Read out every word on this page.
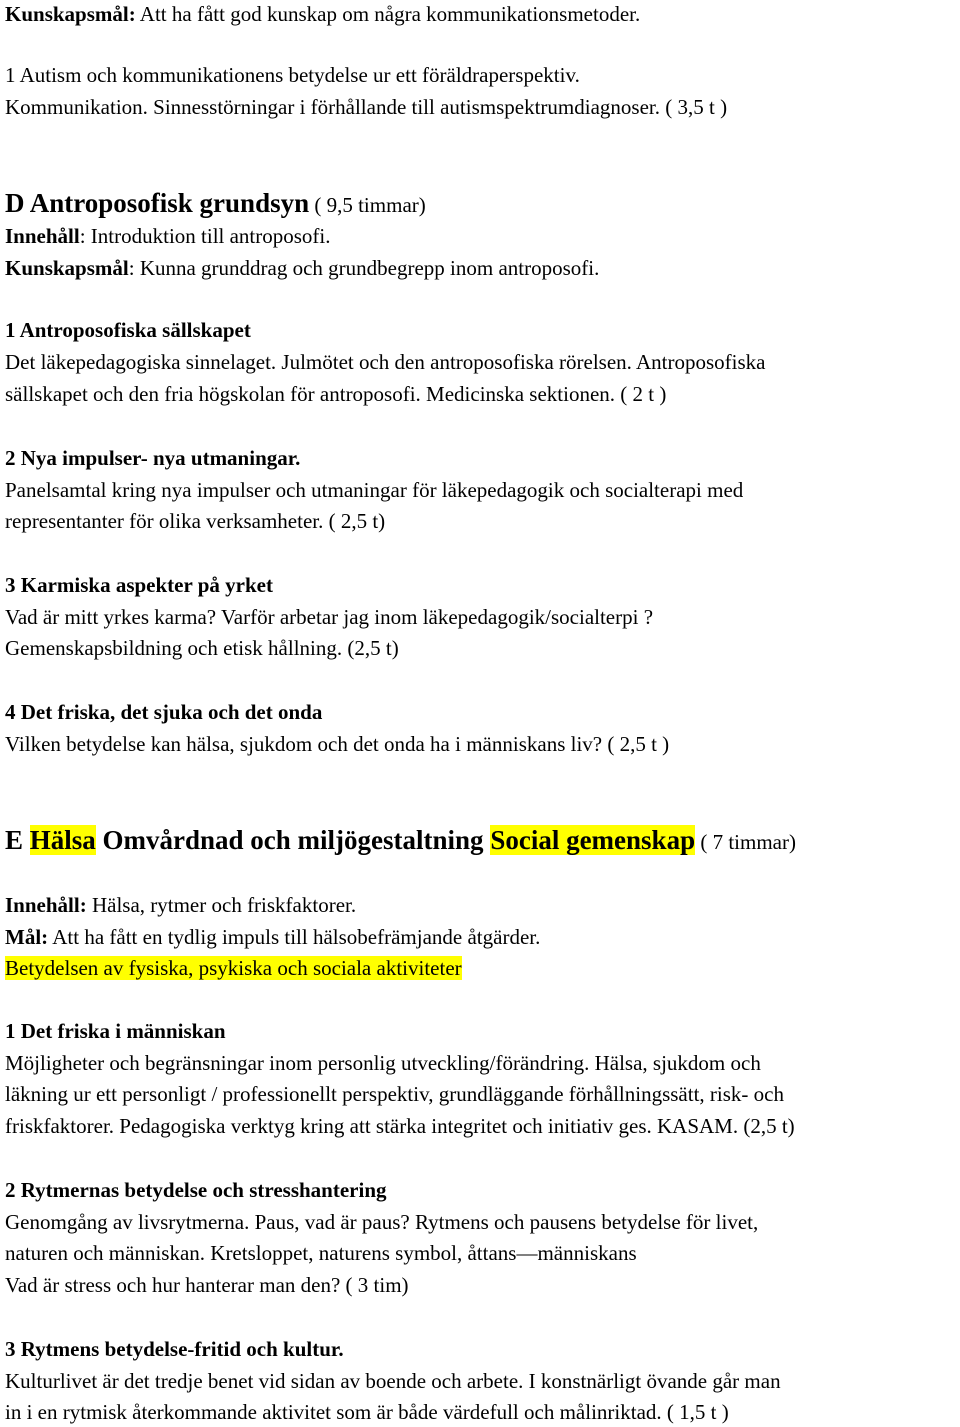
Kunskapsmål: Att ha fått god kunskap om några kommunikationsmetoder.
1 Autism och kommunikationens betydelse ur ett föräldraperspektiv.
Kommunikation. Sinnesstörningar i förhållande till autismspektrumdiagnoser. ( 3,5 t )
D Antroposofisk grundsyn ( 9,5 timmar)
Innehåll: Introduktion till antroposofi.
Kunskapsmål: Kunna grunddrag och grundbegrepp inom antroposofi.
1 Antroposofiska sällskapet
Det läkepedagogiska sinnelaget. Julmötet och den antroposofiska rörelsen. Antroposofiska
sällskapet och den fria högskolan för antroposofi. Medicinska sektionen. ( 2 t )
2 Nya impulser- nya utmaningar.
Panelsamtal kring nya impulser och utmaningar för läkepedagogik och socialterapi med
representanter för olika verksamheter. ( 2,5 t)
3 Karmiska aspekter på yrket
Vad är mitt yrkes karma? Varför arbetar jag inom läkepedagogik/socialterpi ?
Gemenskapsbildning och etisk hållning. (2,5 t)
4 Det friska, det sjuka och det onda
Vilken betydelse kan hälsa, sjukdom och det onda ha i människans liv? ( 2,5 t )
E Hälsa Omvårdnad och miljögestaltning Social gemenskap ( 7 timmar)
Innehåll: Hälsa, rytmer och friskfaktorer.
Mål: Att ha fått en tydlig impuls till hälsobefrämjande åtgärder.
Betydelsen av fysiska, psykiska och sociala aktiviteter
1 Det friska i människan
Möjligheter och begränsningar inom personlig utveckling/förändring. Hälsa, sjukdom och
läkning ur ett personligt / professionellt perspektiv, grundläggande förhållningssätt, risk- och
friskfaktorer. Pedagogiska verktyg kring att stärka integritet och initiativ ges. KASAM. (2,5 t)
2 Rytmernas betydelse och stresshantering
Genomgång av livsrytmerna. Paus, vad är paus? Rytmens och pausens betydelse för livet,
naturen och människan. Kretsloppet, naturens symbol, åttans—människans
Vad är stress och hur hanterar man den? ( 3 tim)
3 Rytmens betydelse-fritid och kultur.
Kulturlivet är det tredje benet vid sidan av boende och arbete. I konstnärligt övande går man
in i en rytmisk återkommande aktivitet som är både värdefull och målinriktad. ( 1,5 t )
